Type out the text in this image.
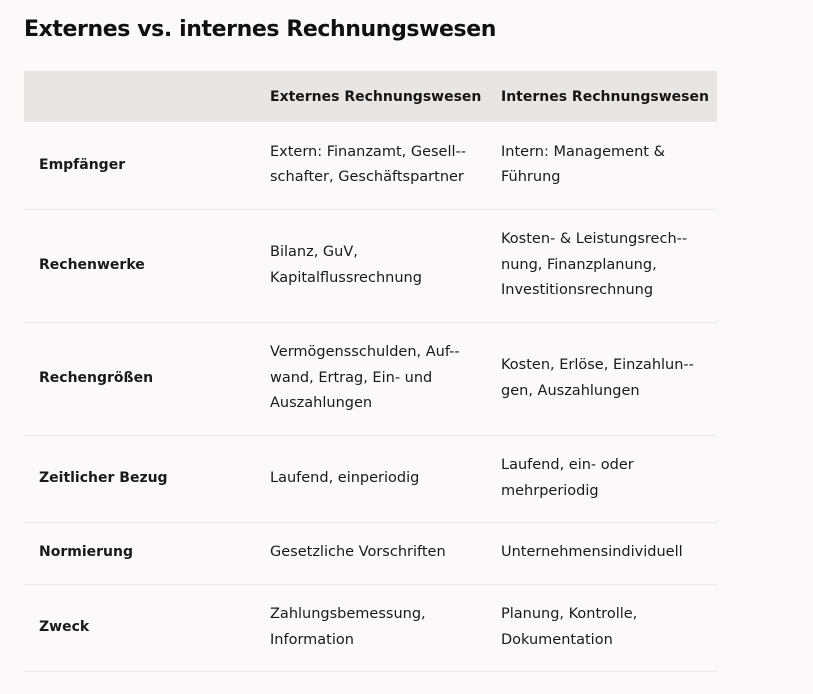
Externes vs. internes Rechnungswesen
	Externes Rechnungswesen	Internes Rechnungswesen
Empfänger	Extern: Finanzamt, Gesell-schafter, Geschäftspartner	Intern: Management & Führung
Rechenwerke	Bilanz, GuV, Kapitalflussrechnung	Kosten- & Leistungsrech-nung, Finanzplanung, Investitionsrechnung
Rechengrößen	Vermögensschulden, Auf-wand, Ertrag, Ein- und Auszahlungen	Kosten, Erlöse, Einzahlun-gen, Auszahlungen
Zeitlicher Bezug	Laufend, einperiodig	Laufend, ein- oder mehrperiodig
Normierung	Gesetzliche Vorschriften	Unternehmensindividuell
Zweck	Zahlungsbemessung, Information	Planung, Kontrolle, Dokumentation
